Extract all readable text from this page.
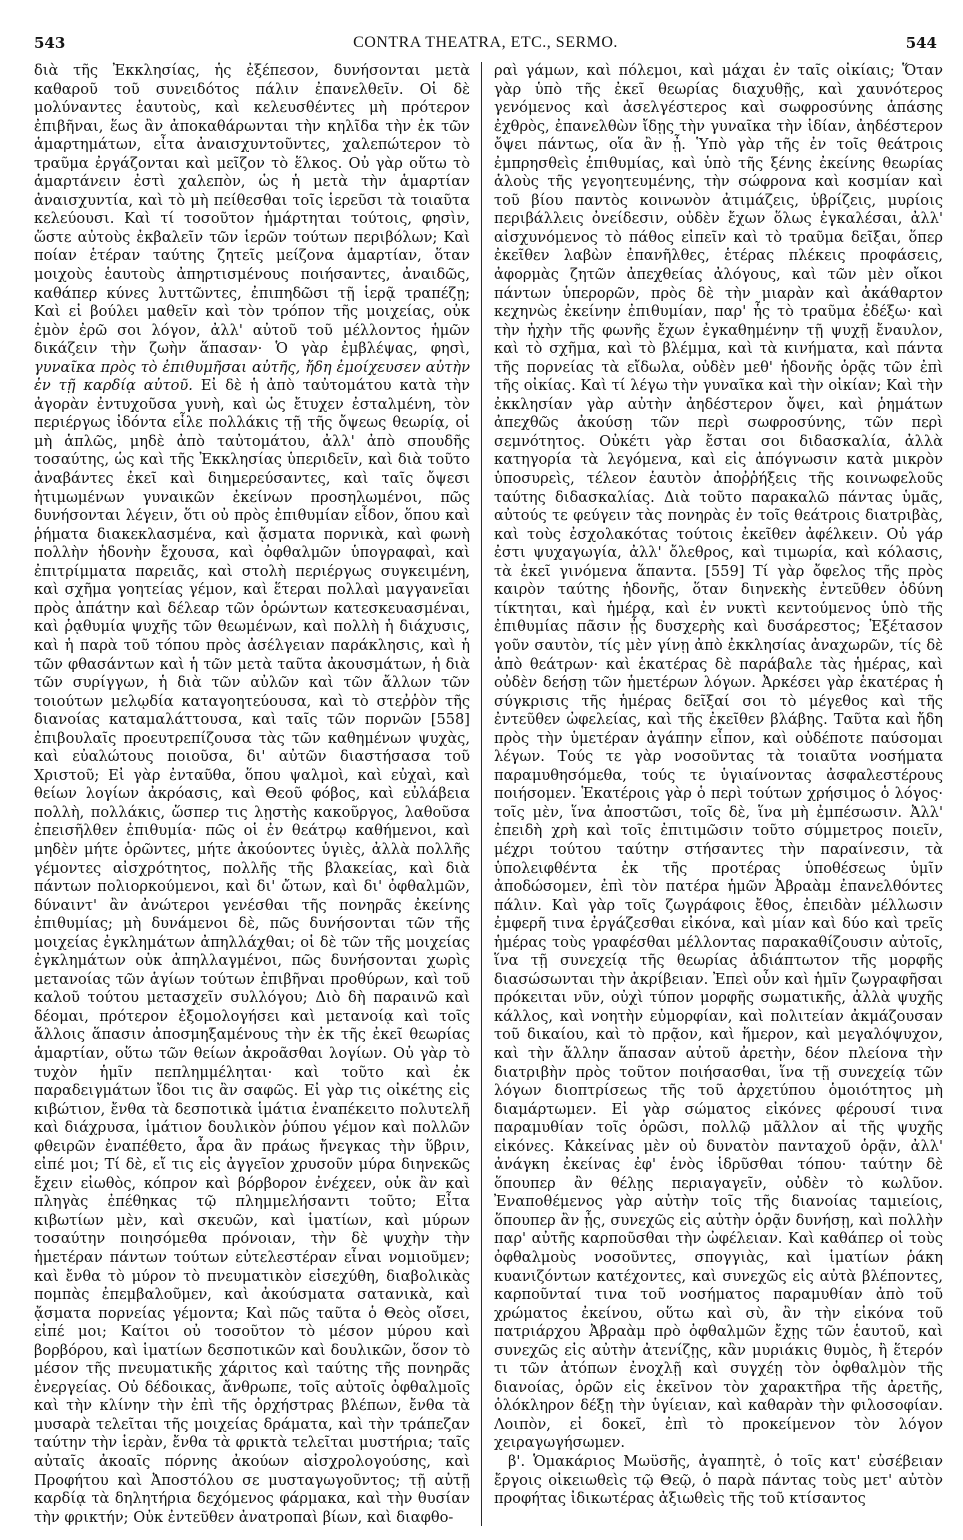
543	CONTRA THEATRA, ETC., SERMO.	544

διὰ τῆς Ἐκκλησίας, ἧς ἐξέπεσον, δυνήσονται μετὰ καθαροῦ τοῦ συνειδότος πάλιν ἐπανελθεῖν. Οἱ δὲ μολύναντες ἑαυτοὺς, καὶ κελευσθέντες μὴ πρότερον ἐπιβῆναι, ἕως ἂν ἀποκαθάρωνται τὴν κηλῖδα τὴν ἐκ τῶν ἁμαρτημάτων, εἶτα ἀναισχυντοῦντες, χαλεπώτερον τὸ τραῦμα ἐργάζονται καὶ μεῖζον τὸ ἕλκος. Οὐ γὰρ οὕτω τὸ ἁμαρτάνειν ἐστὶ χαλεπὸν, ὡς ἡ μετὰ τὴν ἁμαρτίαν ἀναισχυντία, καὶ τὸ μὴ πείθεσθαι τοῖς ἱερεῦσι τὰ τοιαῦτα κελεύουσι. Καὶ τί τοσοῦτον ἡμάρτηται τούτοις, φησὶν, ὥστε αὐτοὺς ἐκβαλεῖν τῶν ἱερῶν τούτων περιβόλων; Καὶ ποίαν ἑτέραν ταύτης ζητεῖς μείζονα ἁμαρτίαν, ὅταν μοιχοὺς ἑαυτοὺς ἀπηρτισμένους ποιήσαντες, ἀναιδῶς, καθάπερ κύνες λυττῶντες, ἐπιπηδῶσι τῇ ἱερᾷ τραπέζῃ; Καὶ εἰ βούλει μαθεῖν καὶ τὸν τρόπον τῆς μοιχείας, οὐκ ἐμὸν ἐρῶ σοι λόγον, ἀλλ' αὐτοῦ τοῦ μέλλοντος ἡμῶν δικάζειν τὴν ζωὴν ἅπασαν· Ὁ γὰρ ἐμβλέψας, φησὶ, γυναῖκα πρὸς τὸ ἐπιθυμῆσαι αὐτῆς, ἤδη ἐμοίχευσεν αὐτὴν ἐν τῇ καρδίᾳ αὐτοῦ. Εἰ δὲ ἡ ἀπὸ ταὐτομάτου κατὰ τὴν ἀγορὰν ἐντυχοῦσα γυνὴ, καὶ ὡς ἔτυχεν ἐσταλμένη, τὸν περιέργως ἰδόντα εἷλε πολλάκις τῇ τῆς ὄψεως θεωρίᾳ, οἱ μὴ ἁπλῶς, μηδὲ ἀπὸ ταὐτομάτου, ἀλλ' ἀπὸ σπουδῆς τοσαύτης, ὡς καὶ τῆς Ἐκκλησίας ὑπεριδεῖν, καὶ διὰ τοῦτο ἀναβάντες ἐκεῖ καὶ διημερεύσαντες, καὶ ταῖς ὄψεσι ἠτιμωμένων γυναικῶν ἐκείνων προσηλωμένοι, πῶς δυνήσονται λέγειν, ὅτι οὐ πρὸς ἐπιθυμίαν εἶδον, ὅπου καὶ ῥήματα διακεκλασμένα, καὶ ᾄσματα πορνικὰ, καὶ φωνὴ πολλὴν ἡδονὴν ἔχουσα, καὶ ὀφθαλμῶν ὑπογραφαὶ, καὶ ἐπιτρίμματα παρειᾶς, καὶ στολὴ περιέργως συγκειμένη, καὶ σχῆμα γοητείας γέμον, καὶ ἕτεραι πολλαὶ μαγγανεῖαι πρὸς ἀπάτην καὶ δέλεαρ τῶν ὁρώντων κατεσκευασμέναι, καὶ ῥᾳθυμία ψυχῆς τῶν θεωμένων, καὶ πολλὴ ἡ διάχυσις, καὶ ἡ παρὰ τοῦ τόπου πρὸς ἀσέλγειαν παράκλησις, καὶ ἡ τῶν φθασάντων καὶ ἡ τῶν μετὰ ταῦτα ἀκουσμάτων, ἡ διὰ τῶν συρίγγων, ἡ διὰ τῶν αὐλῶν καὶ τῶν ἄλλων τῶν τοιούτων μελῳδία καταγοητεύουσα, καὶ τὸ στεῤῥὸν τῆς διανοίας καταμαλάττουσα, καὶ ταῖς τῶν πορνῶν [558] ἐπιβουλαῖς προευτρεπίζουσα τὰς τῶν καθημένων ψυχὰς, καὶ εὐαλώτους ποιοῦσα, δι' αὐτῶν διαστήσασα τοῦ Χριστοῦ; Εἰ γὰρ ἐνταῦθα, ὅπου ψαλμοὶ, καὶ εὐχαὶ, καὶ θείων λογίων ἀκρόασις, καὶ Θεοῦ φόβος, καὶ εὐλάβεια πολλὴ, πολλάκις, ὥσπερ τις λῃστὴς κακοῦργος, λαθοῦσα ἐπεισῆλθεν ἐπιθυμία· πῶς οἱ ἐν θεάτρῳ καθήμενοι, καὶ μηδὲν μήτε ὁρῶντες, μήτε ἀκούοντες ὑγιὲς, ἀλλὰ πολλῆς γέμοντες αἰσχρότητος, πολλῆς τῆς βλακείας, καὶ διὰ πάντων πολιορκούμενοι, καὶ δι' ὤτων, καὶ δι' ὀφθαλμῶν, δύναιντ' ἂν ἀνώτεροι γενέσθαι τῆς πονηρᾶς ἐκείνης ἐπιθυμίας; μὴ δυνάμενοι δὲ, πῶς δυνήσονται τῶν τῆς μοιχείας ἐγκλημάτων ἀπηλλάχθαι; οἱ δὲ τῶν τῆς μοιχείας ἐγκλημάτων οὐκ ἀπηλλαγμένοι, πῶς δυνήσονται χωρὶς μετανοίας τῶν ἁγίων τούτων ἐπιβῆναι προθύρων, καὶ τοῦ καλοῦ τούτου μετασχεῖν συλλόγου; Διὸ δὴ παραινῶ καὶ δέομαι, πρότερον ἐξομολογήσει καὶ μετανοίᾳ καὶ τοῖς ἄλλοις ἅπασιν ἀποσμηξαμένους τὴν ἐκ τῆς ἐκεῖ θεωρίας ἁμαρτίαν, οὕτω τῶν θείων ἀκροᾶσθαι λογίων. Οὐ γὰρ τὸ τυχὸν ἡμῖν πεπλημμέληται· καὶ τοῦτο καὶ ἐκ παραδειγμάτων ἴδοι τις ἂν σαφῶς. Εἰ γὰρ τις οἰκέτης εἰς κιβώτιον, ἔνθα τὰ δεσποτικὰ ἱμάτια ἐναπέκειτο πολυτελῆ καὶ διάχρυσα, ἱμάτιον δουλικὸν ῥύπου γέμον καὶ πολλῶν φθειρῶν ἐναπέθετο, ἆρα ἂν πράως ἤνεγκας τὴν ὕβριν, εἰπέ μοι; Τί δὲ, εἴ τις εἰς ἀγγεῖον χρυσοῦν μύρα διηνεκῶς ἔχειν εἰωθὸς, κόπρον καὶ βόρβορον ἐνέχεεν, οὐκ ἂν καὶ πληγὰς ἐπέθηκας τῷ πλημμελήσαντι τοῦτο; Εἶτα κιβωτίων μὲν, καὶ σκευῶν, καὶ ἱματίων, καὶ μύρων τοσαύτην ποιησόμεθα πρόνοιαν, τὴν δὲ ψυχὴν τὴν ἡμετέραν πάντων τούτων εὐτελεστέραν εἶναι νομιοῦμεν; καὶ ἔνθα τὸ μύρον τὸ πνευματικὸν εἰσεχύθη, διαβολικὰς πομπὰς ἐπεμβαλοῦμεν, καὶ ἀκούσματα σατανικὰ, καὶ ᾄσματα πορνείας γέμοντα; Καὶ πῶς ταῦτα ὁ Θεὸς οἴσει, εἰπέ μοι; Καίτοι οὐ τοσοῦτον τὸ μέσον μύρου καὶ βορβόρου, καὶ ἱματίων δεσποτικῶν καὶ δουλικῶν, ὅσον τὸ μέσον τῆς πνευματικῆς χάριτος καὶ ταύτης τῆς πονηρᾶς ἐνεργείας. Οὐ δέδοικας, ἄνθρωπε, τοῖς αὐτοῖς ὀφθαλμοῖς καὶ τὴν κλίνην τὴν ἐπὶ τῆς ὀρχήστρας βλέπων, ἔνθα τὰ μυσαρὰ τελεῖται τῆς μοιχείας δράματα, καὶ τὴν τράπεζαν ταύτην τὴν ἱερὰν, ἔνθα τὰ φρικτὰ τελεῖται μυστήρια; ταῖς αὐταῖς ἀκοαῖς πόρνης ἀκούων αἰσχρολογούσης, καὶ Προφήτου καὶ Ἀποστόλου σε μυσταγωγοῦντος; τῇ αὐτῇ καρδίᾳ τὰ δηλητήρια δεχόμενος φάρμακα, καὶ τὴν θυσίαν τὴν φρικτήν; Οὐκ ἐντεῦθεν ἀνατροπαὶ βίων, καὶ διαφθο-

ραὶ γάμων, καὶ πόλεμοι, καὶ μάχαι ἐν ταῖς οἰκίαις; Ὅταν γὰρ ὑπὸ τῆς ἐκεῖ θεωρίας διαχυθῇς, καὶ χαυνότερος γενόμενος καὶ ἀσελγέστερος καὶ σωφροσύνης ἁπάσης ἐχθρὸς, ἐπανελθὼν ἴδῃς τὴν γυναῖκα τὴν ἰδίαν, ἀηδέστερον ὄψει πάντως, οἵα ἂν ᾖ. Ὑπὸ γὰρ τῆς ἐν τοῖς θεάτροις ἐμπρησθεὶς ἐπιθυμίας, καὶ ὑπὸ τῆς ξένης ἐκείνης θεωρίας ἁλοὺς τῆς γεγοητευμένης, τὴν σώφρονα καὶ κοσμίαν καὶ τοῦ βίου παντὸς κοινωνὸν ἀτιμάζεις, ὑβρίζεις, μυρίοις περιβάλλεις ὀνείδεσιν, οὐδὲν ἔχων ὅλως ἐγκαλέσαι, ἀλλ' αἰσχυνόμενος τὸ πάθος εἰπεῖν καὶ τὸ τραῦμα δεῖξαι, ὅπερ ἐκεῖθεν λαβὼν ἐπανῆλθες, ἑτέρας πλέκεις προφάσεις, ἀφορμὰς ζητῶν ἀπεχθείας ἀλόγους, καὶ τῶν μὲν οἴκοι πάντων ὑπερορῶν, πρὸς δὲ τὴν μιαρὰν καὶ ἀκάθαρτον κεχηνὼς ἐκείνην ἐπιθυμίαν, παρ' ἧς τὸ τραῦμα ἐδέξω· καὶ τὴν ἠχὴν τῆς φωνῆς ἔχων ἐγκαθημένην τῇ ψυχῇ ἔναυλον, καὶ τὸ σχῆμα, καὶ τὸ βλέμμα, καὶ τὰ κινήματα, καὶ πάντα τῆς πορνείας τὰ εἴδωλα, οὐδὲν μεθ' ἡδονῆς ὁρᾷς τῶν ἐπὶ τῆς οἰκίας. Καὶ τί λέγω τὴν γυναῖκα καὶ τὴν οἰκίαν; Καὶ τὴν ἐκκλησίαν γὰρ αὐτὴν ἀηδέστερον ὄψει, καὶ ῥημάτων ἀπεχθῶς ἀκούσῃ τῶν περὶ σωφροσύνης, τῶν περὶ σεμνότητος. Οὐκέτι γὰρ ἔσται σοι διδασκαλία, ἀλλὰ κατηγορία τὰ λεγόμενα, καὶ εἰς ἀπόγνωσιν κατὰ μικρὸν ὑποσυρεὶς, τέλεον ἑαυτὸν ἀποῤῥήξεις τῆς κοινωφελοῦς ταύτης διδασκαλίας. Διὰ τοῦτο παρακαλῶ πάντας ὑμᾶς, αὐτούς τε φεύγειν τὰς πονηρὰς ἐν τοῖς θεάτροις διατριβὰς, καὶ τοὺς ἐσχολακότας τούτοις ἐκεῖθεν ἀφέλκειν. Οὐ γάρ ἐστι ψυχαγωγία, ἀλλ' ὄλεθρος, καὶ τιμωρία, καὶ κόλασις, τὰ ἐκεῖ γινόμενα ἅπαντα. [559] Τί γὰρ ὄφελος τῆς πρὸς καιρὸν ταύτης ἡδονῆς, ὅταν διηνεκὴς ἐντεῦθεν ὀδύνη τίκτηται, καὶ ἡμέρᾳ, καὶ ἐν νυκτὶ κεντούμενος ὑπὸ τῆς ἐπιθυμίας πᾶσιν ᾖς δυσχερὴς καὶ δυσάρεστος; Ἐξέτασον γοῦν σαυτὸν, τίς μὲν γίνῃ ἀπὸ ἐκκλησίας ἀναχωρῶν, τίς δὲ ἀπὸ θεάτρων· καὶ ἑκατέρας δὲ παράβαλε τὰς ἡμέρας, καὶ οὐδὲν δεήσῃ τῶν ἡμετέρων λόγων. Ἀρκέσει γὰρ ἑκατέρας ἡ σύγκρισις τῆς ἡμέρας δεῖξαί σοι τὸ μέγεθος καὶ τῆς ἐντεῦθεν ὠφελείας, καὶ τῆς ἐκεῖθεν βλάβης. Ταῦτα καὶ ἤδη πρὸς τὴν ὑμετέραν ἀγάπην εἶπον, καὶ οὐδέποτε παύσομαι λέγων. Τούς τε γὰρ νοσοῦντας τὰ τοιαῦτα νοσήματα παραμυθησόμεθα, τούς τε ὑγιαίνοντας ἀσφαλεστέρους ποιήσομεν. Ἑκατέροις γὰρ ὁ περὶ τούτων χρήσιμος ὁ λόγος· τοῖς μὲν, ἵνα ἀποστῶσι, τοῖς δὲ, ἵνα μὴ ἐμπέσωσιν. Ἀλλ' ἐπειδὴ χρὴ καὶ τοῖς ἐπιτιμῶσιν τοῦτο σύμμετρος ποιεῖν, μέχρι τούτου ταύτην στήσαντες τὴν παραίνεσιν, τὰ ὑπολειφθέντα ἐκ τῆς προτέρας ὑποθέσεως ὑμῖν ἀποδώσομεν, ἐπὶ τὸν πατέρα ἡμῶν Ἀβραὰμ ἐπανελθόντες πάλιν. Καὶ γὰρ τοῖς ζωγράφοις ἔθος, ἐπειδὰν μέλλωσιν ἐμφερῆ τινα ἐργάζεσθαι εἰκόνα, καὶ μίαν καὶ δύο καὶ τρεῖς ἡμέρας τοὺς γραφέσθαι μέλλοντας παρακαθίζουσιν αὐτοῖς, ἵνα τῇ συνεχείᾳ τῆς θεωρίας ἀδιάπτωτον τῆς μορφῆς διασώσωνται τὴν ἀκρίβειαν. Ἐπεὶ οὖν καὶ ἡμῖν ζωγραφῆσαι πρόκειται νῦν, οὐχὶ τύπον μορφῆς σωματικῆς, ἀλλὰ ψυχῆς κάλλος, καὶ νοητὴν εὐμορφίαν, καὶ πολιτείαν ἀκμάζουσαν τοῦ δικαίου, καὶ τὸ πρᾷον, καὶ ἥμερον, καὶ μεγαλόψυχον, καὶ τὴν ἄλλην ἅπασαν αὐτοῦ ἀρετὴν, δέον πλείονα τὴν διατριβὴν πρὸς τοῦτον ποιήσασθαι, ἵνα τῇ συνεχείᾳ τῶν λόγων διοπτρίσεως τῆς τοῦ ἀρχετύπου ὁμοιότητος μὴ διαμάρτωμεν. Εἰ γὰρ σώματος εἰκόνες φέρουσί τινα παραμυθίαν τοῖς ὁρῶσι, πολλῷ μᾶλλον αἱ τῆς ψυχῆς εἰκόνες. Κἀκείνας μὲν οὐ δυνατὸν πανταχοῦ ὁρᾷν, ἀλλ' ἀνάγκη ἐκείνας ἐφ' ἑνὸς ἱδρῦσθαι τόπου· ταύτην δὲ ὅπουπερ ἂν θέλῃς περιαγαγεῖν, οὐδὲν τὸ κωλῦον. Ἐναποθέμενος γὰρ αὐτὴν τοῖς τῆς διανοίας ταμιείοις, ὅπουπερ ἂν ᾖς, συνεχῶς εἰς αὐτὴν ὁρᾷν δυνήσῃ, καὶ πολλὴν παρ' αὐτῆς καρποῦσθαι τὴν ὠφέλειαν. Καὶ καθάπερ οἱ τοὺς ὀφθαλμοὺς νοσοῦντες, σπογγιὰς, καὶ ἱματίων ῥάκη κυανιζόντων κατέχοντες, καὶ συνεχῶς εἰς αὐτὰ βλέποντες, καρποῦνταί τινα τοῦ νοσήματος παραμυθίαν ἀπὸ τοῦ χρώματος ἐκείνου, οὕτω καὶ σὺ, ἂν τὴν εἰκόνα τοῦ πατριάρχου Ἀβραὰμ πρὸ ὀφθαλμῶν ἔχῃς τῶν ἑαυτοῦ, καὶ συνεχῶς εἰς αὐτὴν ἀτενίζῃς, κἂν μυριάκις θυμὸς, ἢ ἕτερόν τι τῶν ἀτόπων ἐνοχλῇ καὶ συγχέῃ τὸν ὀφθαλμὸν τῆς διανοίας, ὁρῶν εἰς ἐκεῖνον τὸν χαρακτῆρα τῆς ἀρετῆς, ὁλόκληρον δέξῃ τὴν ὑγίειαν, καὶ καθαρὰν τὴν φιλοσοφίαν. Λοιπὸν, εἰ δοκεῖ, ἐπὶ τὸ προκείμενον τὸν λόγον χειραγωγήσωμεν.

β'. Ὁμακάριος Μωϋσῆς, ἀγαπητὲ, ὁ τοῖς κατ' εὐσέβειαν ἔργοις οἰκειωθεὶς τῷ Θεῷ, ὁ παρὰ πάντας τοὺς μετ' αὐτὸν προφήτας ἰδικωτέρας ἀξιωθεὶς τῆς τοῦ κτίσαντος
